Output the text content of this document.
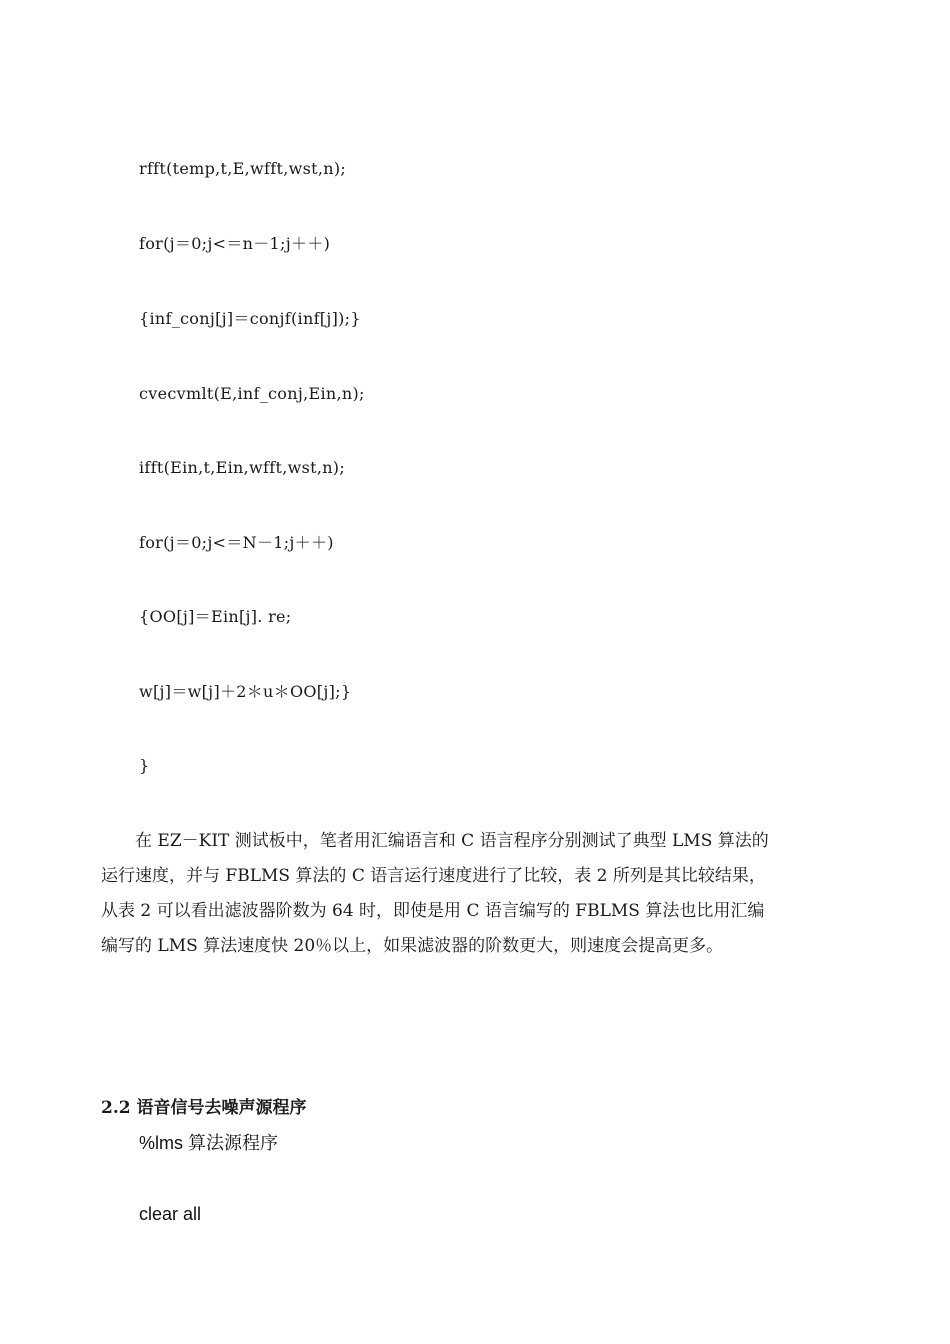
rfft(temp,t,E,wfft,wst,n);

for(j＝0;j<＝n－1;j＋＋)

{inf_conj[j]＝conjf(inf[j]);}

cvecvmlt(E,inf_conj,Ein,n);

ifft(Ein,t,Ein,wfft,wst,n);

for(j＝0;j<＝N－1;j＋＋)

{OO[j]＝Ein[j]. re;

w[j]＝w[j]＋2＊u＊OO[j];}

}

　　在 EZ－KIT 测试板中，笔者用汇编语言和 C 语言程序分别测试了典型 LMS 算法的
运行速度，并与 FBLMS 算法的 C 语言运行速度进行了比较，表 2 所列是其比较结果，
从表 2 可以看出滤波器阶数为 64 时，即使是用 C 语言编写的 FBLMS 算法也比用汇编
编写的 LMS 算法速度快 20％以上，如果滤波器的阶数更大，则速度会提高更多。
2.2 语音信号去噪声源程序

%lms 算法源程序

clear all
